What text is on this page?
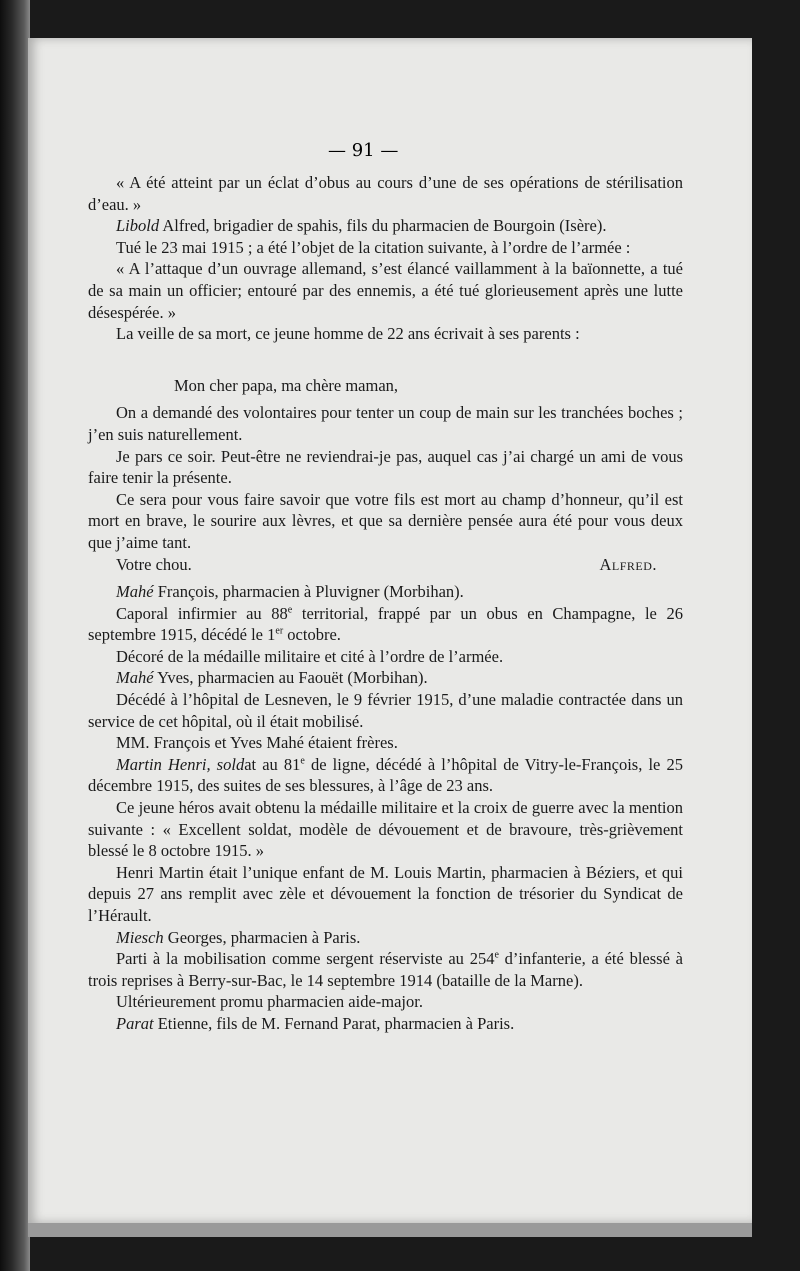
— 91 —

« A été atteint par un éclat d’obus au cours d’une de ses opérations de stérilisation d’eau. »

Libold Alfred, brigadier de spahis, fils du pharmacien de Bourgoin (Isère).

Tué le 23 mai 1915 ; a été l’objet de la citation suivante, à l’ordre de l’armée :

« A l’attaque d’un ouvrage allemand, s’est élancé vaillamment à la baïonnette, a tué de sa main un officier; entouré par des ennemis, a été tué glorieusement après une lutte désespérée. »

La veille de sa mort, ce jeune homme de 22 ans écrivait à ses parents :

Mon cher papa, ma chère maman,

On a demandé des volontaires pour tenter un coup de main sur les tranchées boches ; j’en suis naturellement.

Je pars ce soir. Peut-être ne reviendrai-je pas, auquel cas j’ai chargé un ami de vous faire tenir la présente.

Ce sera pour vous faire savoir que votre fils est mort au champ d’honneur, qu’il est mort en brave, le sourire aux lèvres, et que sa dernière pensée aura été pour vous deux que j’aime tant.

Votre chou.	Alfred.

Mahé François, pharmacien à Pluvigner (Morbihan).

Caporal infirmier au 88e territorial, frappé par un obus en Champagne, le 26 septembre 1915, décédé le 1er octobre.

Décoré de la médaille militaire et cité à l’ordre de l’armée.

Mahé Yves, pharmacien au Faouët (Morbihan).

Décédé à l’hôpital de Lesneven, le 9 février 1915, d’une maladie contractée dans un service de cet hôpital, où il était mobilisé.

MM. François et Yves Mahé étaient frères.

Martin Henri, soldat au 81e de ligne, décédé à l’hôpital de Vitry-le-François, le 25 décembre 1915, des suites de ses blessures, à l’âge de 23 ans.

Ce jeune héros avait obtenu la médaille militaire et la croix de guerre avec la mention suivante : « Excellent soldat, modèle de dévouement et de bravoure, très-grièvement blessé le 8 octobre 1915. »

Henri Martin était l’unique enfant de M. Louis Martin, pharmacien à Béziers, et qui depuis 27 ans remplit avec zèle et dévouement la fonction de trésorier du Syndicat de l’Hérault.

Miesch Georges, pharmacien à Paris.

Parti à la mobilisation comme sergent réserviste au 254e d’infanterie, a été blessé à trois reprises à Berry-sur-Bac, le 14 septembre 1914 (bataille de la Marne).

Ultérieurement promu pharmacien aide-major.

Parat Etienne, fils de M. Fernand Parat, pharmacien à Paris.
